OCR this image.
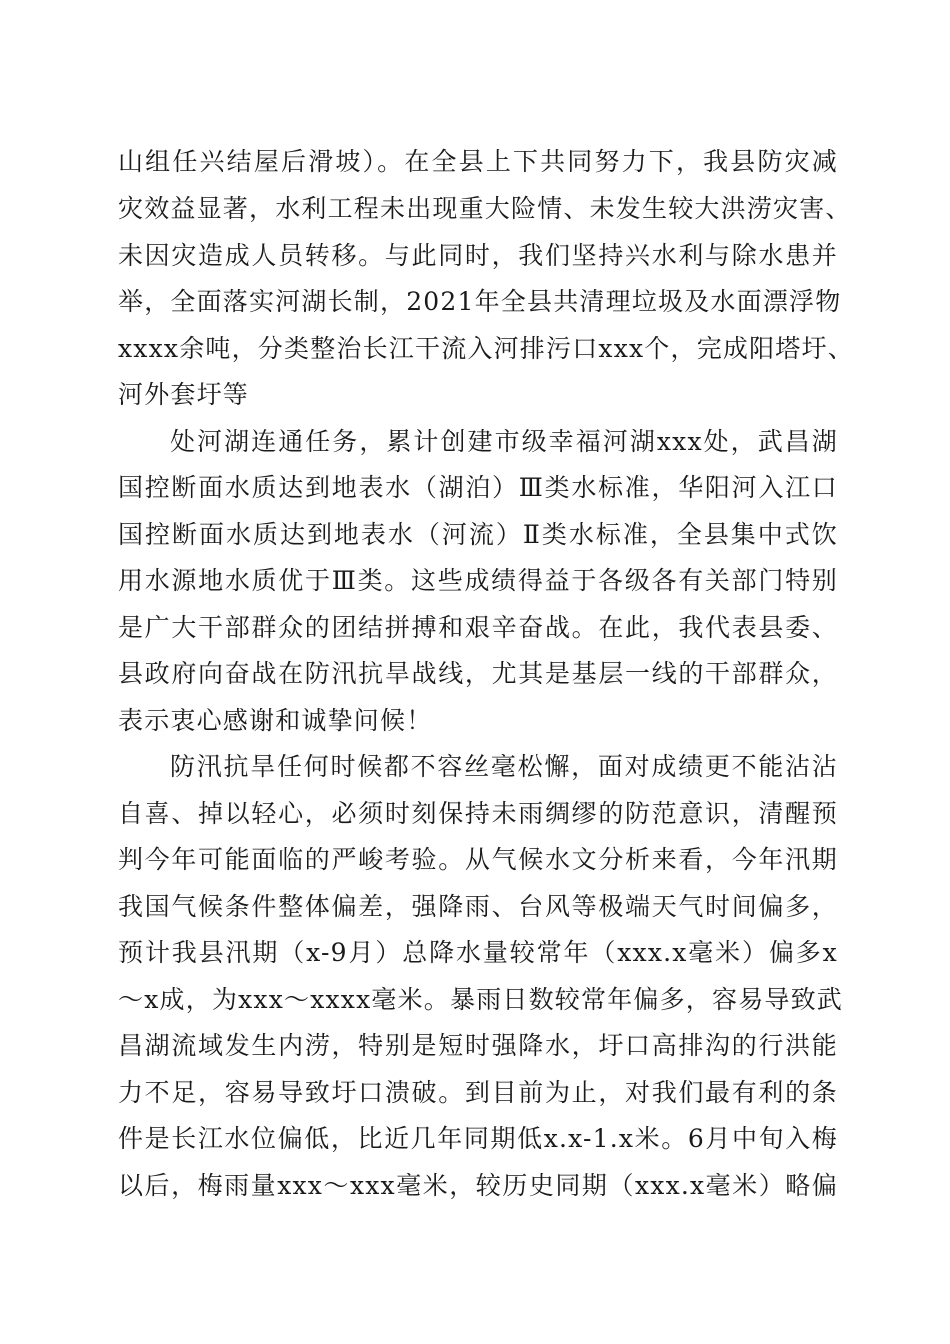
山组任兴结屋后滑坡）。在全县上下共同努力下，我县防灾减
灾效益显著，水利工程未出现重大险情、未发生较大洪涝灾害、
未因灾造成人员转移。与此同时，我们坚持兴水利与除水患并
举，全面落实河湖长制，2021年全县共清理垃圾及水面漂浮物
xxxx余吨，分类整治长江干流入河排污口xxx个，完成阳塔圩、
河外套圩等
处河湖连通任务，累计创建市级幸福河湖xxx处，武昌湖
国控断面水质达到地表水（湖泊）Ⅲ类水标准，华阳河入江口
国控断面水质达到地表水（河流）Ⅱ类水标准，全县集中式饮
用水源地水质优于Ⅲ类。这些成绩得益于各级各有关部门特别
是广大干部群众的团结拼搏和艰辛奋战。在此，我代表县委、
县政府向奋战在防汛抗旱战线，尤其是基层一线的干部群众，
表示衷心感谢和诚挚问候！
防汛抗旱任何时候都不容丝毫松懈，面对成绩更不能沾沾
自喜、掉以轻心，必须时刻保持未雨绸缪的防范意识，清醒预
判今年可能面临的严峻考验。从气候水文分析来看，今年汛期
我国气候条件整体偏差，强降雨、台风等极端天气时间偏多，
预计我县汛期（x-9月）总降水量较常年（xxx.x毫米）偏多x
～x成，为xxx～xxxx毫米。暴雨日数较常年偏多，容易导致武
昌湖流域发生内涝，特别是短时强降水，圩口高排沟的行洪能
力不足，容易导致圩口溃破。到目前为止，对我们最有利的条
件是长江水位偏低，比近几年同期低x.x-1.x米。6月中旬入梅
以后，梅雨量xxx～xxx毫米，较历史同期（xxx.x毫米）略偏
